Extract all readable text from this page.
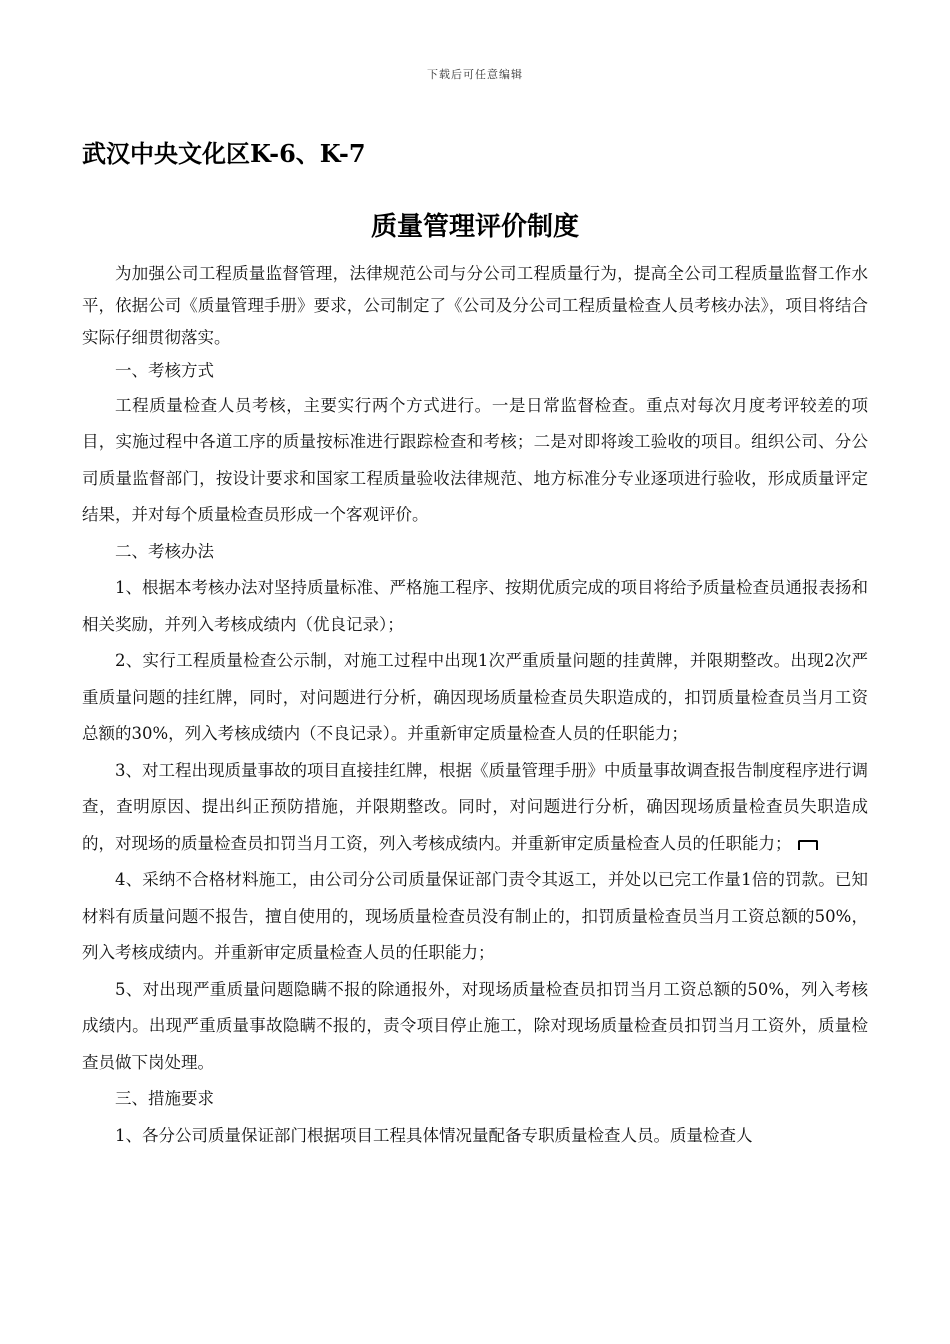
下载后可任意编辑
武汉中央文化区K-6、K-7
质量管理评价制度

为加强公司工程质量监督管理，法律规范公司与分公司工程质量行为，提高全公司工程质量监督工作水平，依据公司《质量管理手册》要求，公司制定了《公司及分公司工程质量检查人员考核办法》，项目将结合实际仔细贯彻落实。

一、考核方式

工程质量检查人员考核，主要实行两个方式进行。一是日常监督检查。重点对每次月度考评较差的项目，实施过程中各道工序的质量按标准进行跟踪检查和考核；二是对即将竣工验收的项目。组织公司、分公司质量监督部门，按设计要求和国家工程质量验收法律规范、地方标准分专业逐项进行验收，形成质量评定结果，并对每个质量检查员形成一个客观评价。

二、考核办法

1、根据本考核办法对坚持质量标准、严格施工程序、按期优质完成的项目将给予质量检查员通报表扬和相关奖励，并列入考核成绩内（优良记录）；

2、实行工程质量检查公示制，对施工过程中出现1次严重质量问题的挂黄牌，并限期整改。出现2次严重质量问题的挂红牌，同时，对问题进行分析，确因现场质量检查员失职造成的，扣罚质量检查员当月工资总额的30%，列入考核成绩内（不良记录）。并重新审定质量检查人员的任职能力；

3、对工程出现质量事故的项目直接挂红牌，根据《质量管理手册》中质量事故调查报告制度程序进行调查，查明原因、提出纠正预防措施，并限期整改。同时，对问题进行分析，确因现场质量检查员失职造成的，对现场的质量检查员扣罚当月工资，列入考核成绩内。并重新审定质量检查人员的任职能力；

4、采纳不合格材料施工，由公司分公司质量保证部门责令其返工，并处以已完工作量1倍的罚款。已知材料有质量问题不报告，擅自使用的，现场质量检查员没有制止的，扣罚质量检查员当月工资总额的50%，列入考核成绩内。并重新审定质量检查人员的任职能力；

5、对出现严重质量问题隐瞒不报的除通报外，对现场质量检查员扣罚当月工资总额的50%，列入考核成绩内。出现严重质量事故隐瞒不报的，责令项目停止施工，除对现场质量检查员扣罚当月工资外，质量检查员做下岗处理。

三、措施要求

1、各分公司质量保证部门根据项目工程具体情况量配备专职质量检查人员。质量检查人
